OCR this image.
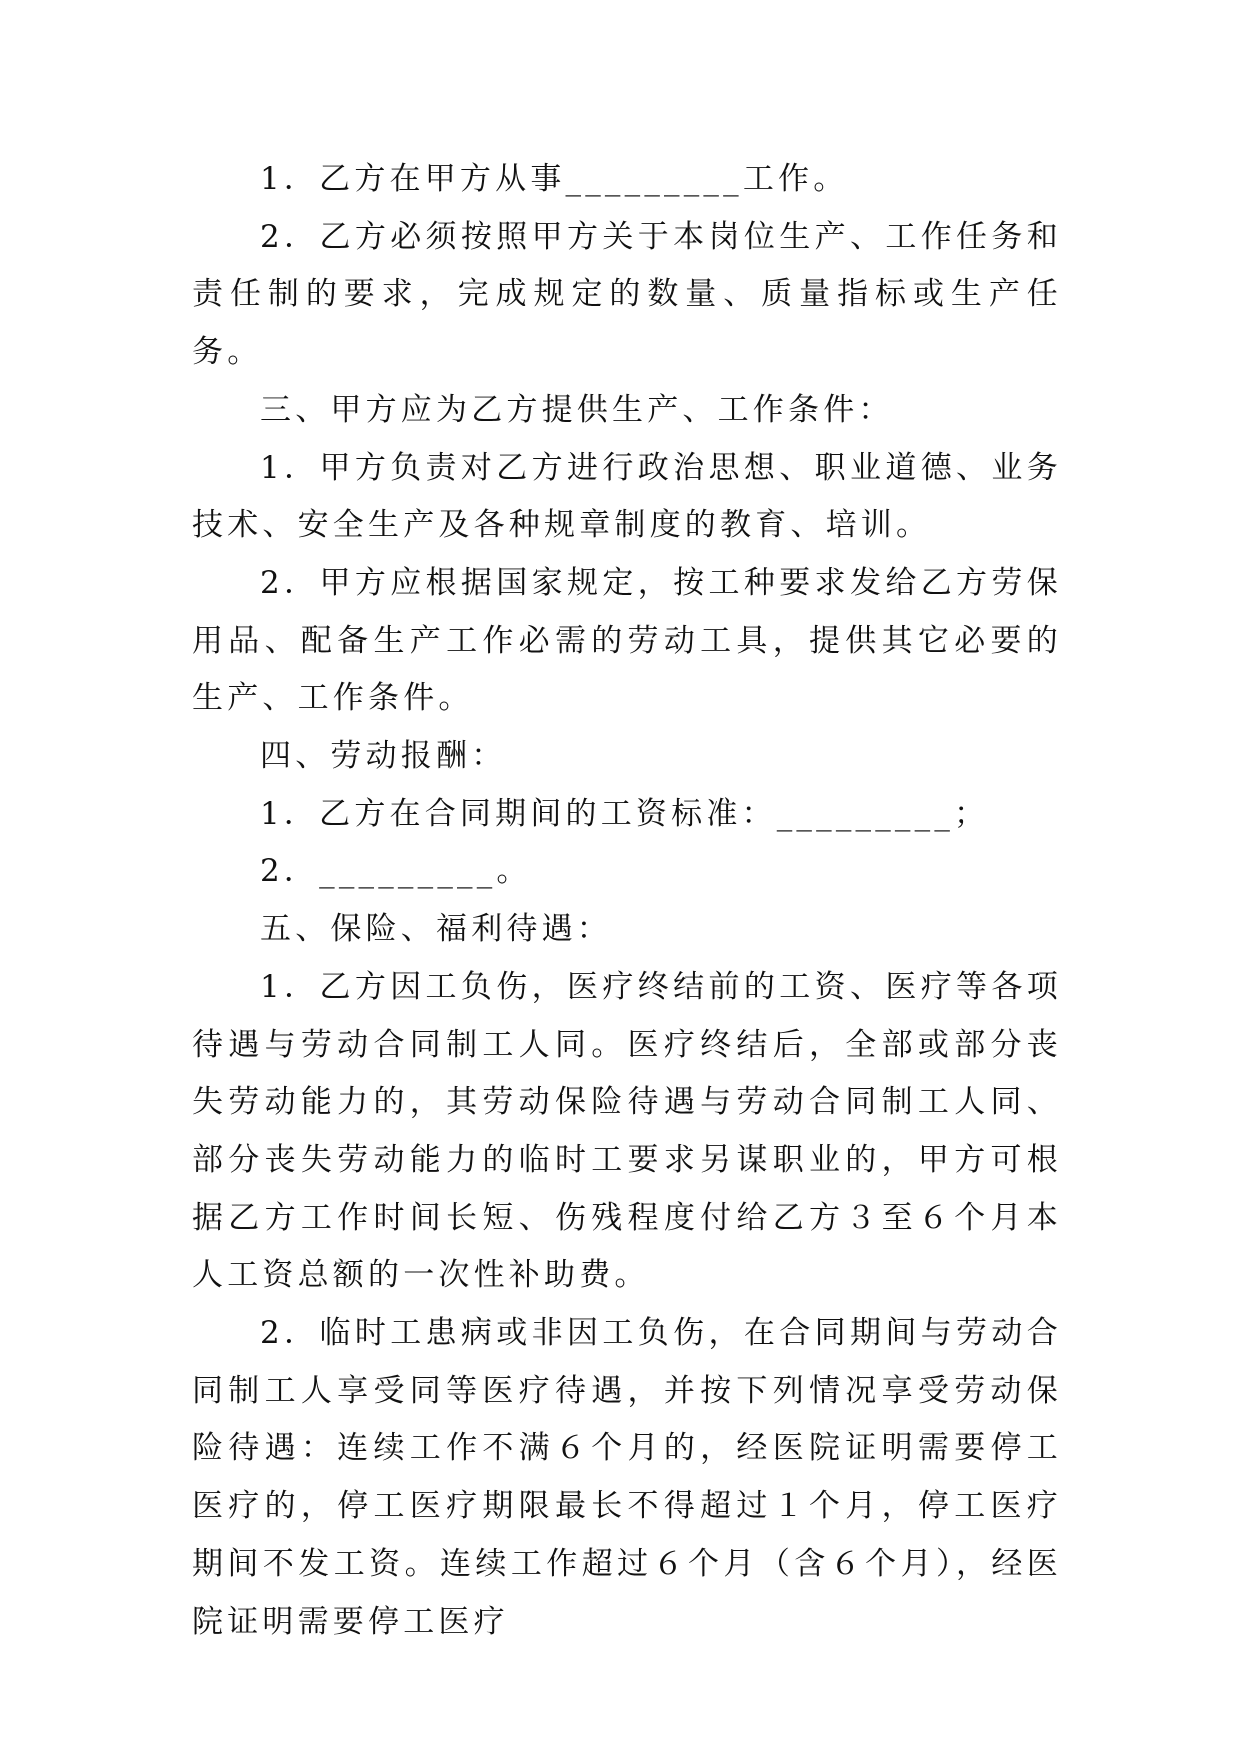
1．乙方在甲方从事_________工作。

2．乙方必须按照甲方关于本岗位生产、工作任务和责任制的要求，完成规定的数量、质量指标或生产任务。

三、甲方应为乙方提供生产、工作条件：

1．甲方负责对乙方进行政治思想、职业道德、业务技术、安全生产及各种规章制度的教育、培训。

2．甲方应根据国家规定，按工种要求发给乙方劳保用品、配备生产工作必需的劳动工具，提供其它必要的生产、工作条件。

四、劳动报酬：

1．乙方在合同期间的工资标准：_________；

2．_________。

五、保险、福利待遇：

1．乙方因工负伤，医疗终结前的工资、医疗等各项待遇与劳动合同制工人同。医疗终结后，全部或部分丧失劳动能力的，其劳动保险待遇与劳动合同制工人同、部分丧失劳动能力的临时工要求另谋职业的，甲方可根据乙方工作时间长短、伤残程度付给乙方３至６个月本人工资总额的一次性补助费。

2．临时工患病或非因工负伤，在合同期间与劳动合同制工人享受同等医疗待遇，并按下列情况享受劳动保险待遇：连续工作不满６个月的，经医院证明需要停工医疗的，停工医疗期限最长不得超过１个月，停工医疗期间不发工资。连续工作超过６个月（含６个月），经医院证明需要停工医疗
